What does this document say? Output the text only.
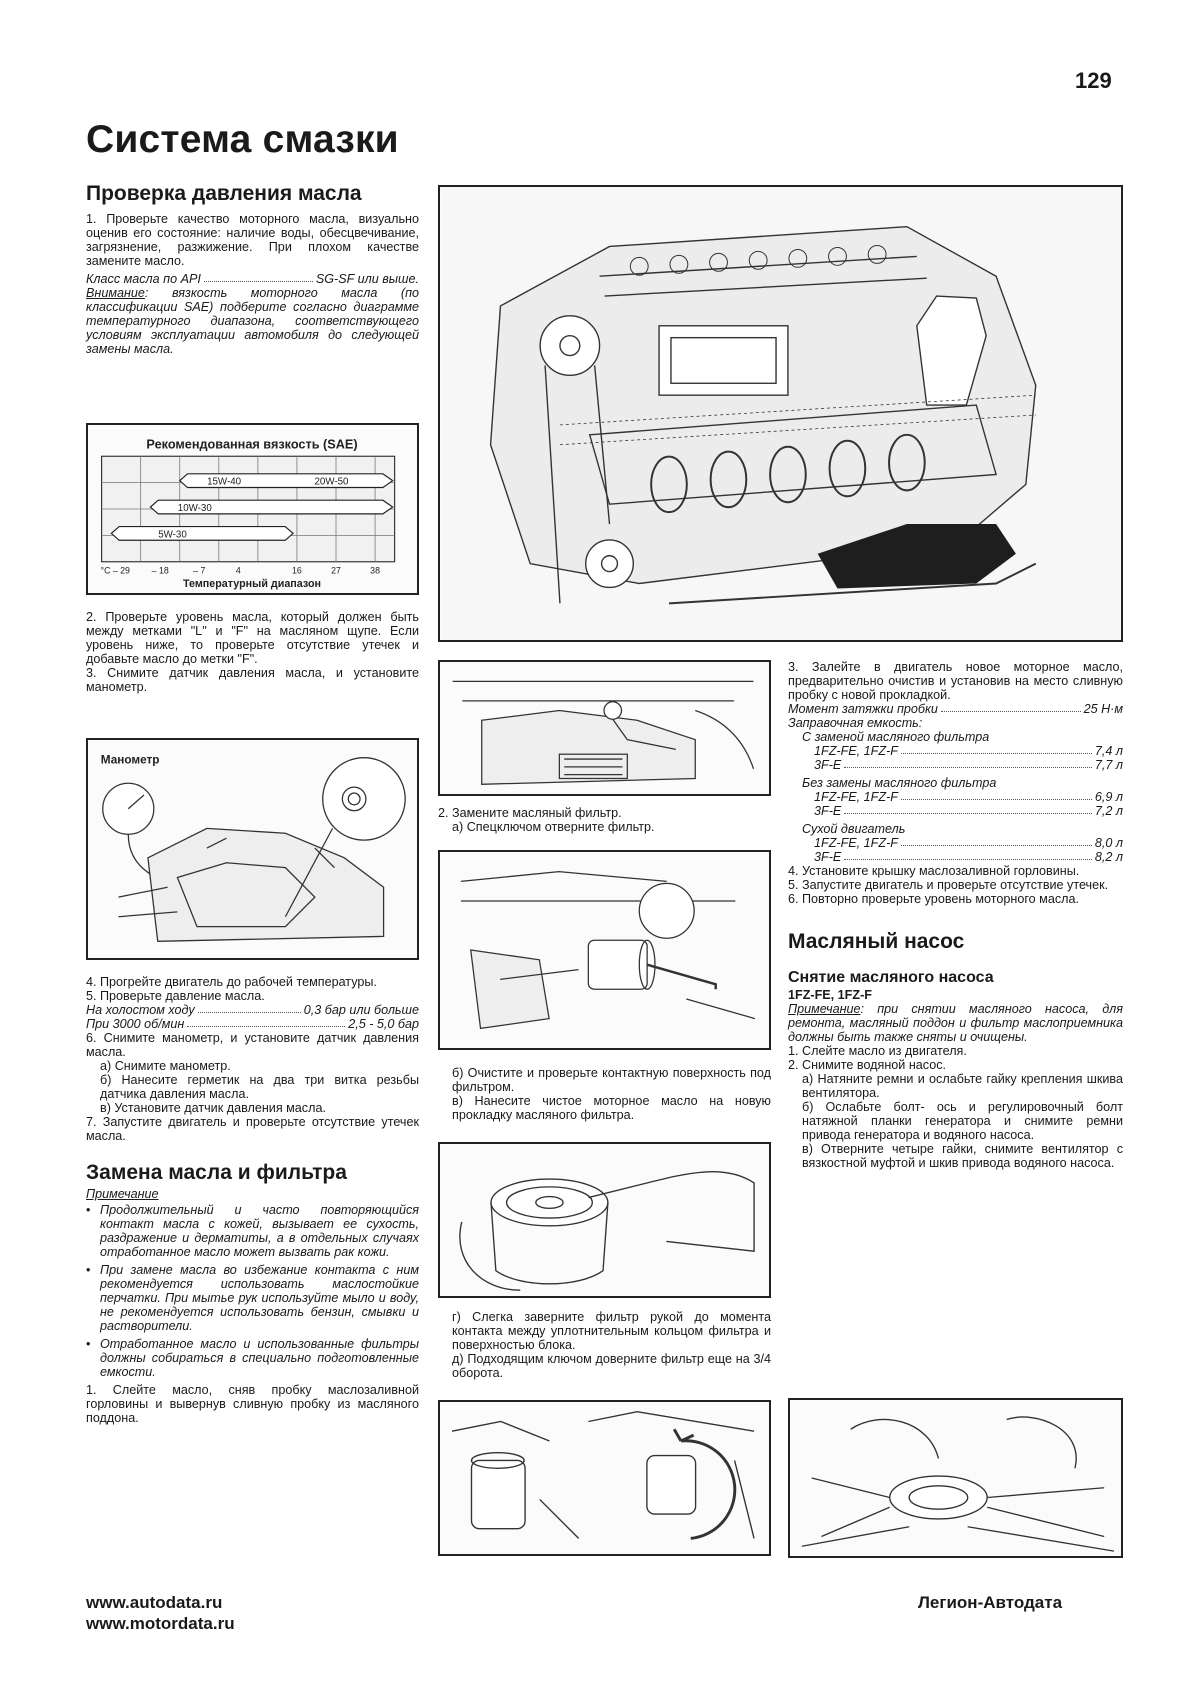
129
Система смазки
Проверка давления масла

1. Проверьте качество моторного масла, визуально оценив его состояние: наличие воды, обесцвечивание, загрязнение, разжижение. При плохом качестве замените масло.

Класс масла по API	SG-SF или выше.

Внимание: вязкость моторного масла (по классификации SAE) подберите согласно диаграмме температурного диапазона, соответствующего условиям эксплуатации автомобиля до следующей замены масла.

Рекомендованная вязкость (SAE)
15W-40	20W-50
10W-30
5W-30
°C – 29 – 18	– 7	4	16	27	38
Температурный диапазон

2. Проверьте уровень масла, который должен быть между метками "L" и "F" на масляном щупе. Если уровень ниже, то проверьте отсутствие утечек и добавьте масло до метки "F".

3. Снимите датчик давления масла, и установите манометр.

Манометр

4. Прогрейте двигатель до рабочей температуры.

5. Проверьте давление масла.

На холостом ходу	0,3 бар или больше
При 3000 об/мин	2,5 - 5,0 бар

6. Снимите манометр, и установите датчик давления масла.

а) Снимите манометр.

б) Нанесите герметик на два три витка резьбы датчика давления масла.

в) Установите датчик давления масла.

7. Запустите двигатель и проверьте отсутствие утечек масла.

Замена масла и фильтра

Примечание

• Продолжительный и часто повторяющийся контакт масла с кожей, вызывает ее сухость, раздражение и дерматиты, а в отдельных случаях отработанное масло может вызвать рак кожи.
• При замене масла во избежание контакта с ним рекомендуется использовать маслостойкие перчатки. При мытье рук используйте мыло и воду, не рекомендуется использовать бензин, смывки и растворители.
• Отработанное масло и использованные фильтры должны собираться в специально подготовленные емкости.

1. Слейте масло, сняв пробку маслозаливной горловины и вывернув сливную пробку из масляного поддона.

2. Замените масляный фильтр.

а) Спецключом отверните фильтр.

б) Очистите и проверьте контактную поверхность под фильтром.

в) Нанесите чистое моторное масло на новую прокладку масляного фильтра.

г) Слегка заверните фильтр рукой до момента контакта между уплотнительным кольцом фильтра и поверхностью блока.

д) Подходящим ключом доверните фильтр еще на 3/4 оборота.

3. Залейте в двигатель новое моторное масло, предварительно очистив и установив на место сливную пробку с новой прокладкой.

Момент затяжки пробки	25 Н·м

Заправочная емкость:

С заменой масляного фильтра

1FZ-FE, 1FZ-F	7,4 л
3F-E	7,7 л

Без замены масляного фильтра

1FZ-FE, 1FZ-F	6,9 л
3F-E	7,2 л

Сухой двигатель

1FZ-FE, 1FZ-F	8,0 л
3F-E	8,2 л

4. Установите крышку маслозаливной горловины.

5. Запустите двигатель и проверьте отсутствие утечек.

6. Повторно проверьте уровень моторного масла.

Масляный насос
Снятие масляного насоса

1FZ-FE, 1FZ-F

Примечание: при снятии масляного насоса, для ремонта, масляный поддон и фильтр маслоприемника должны быть также сняты и очищены.

1. Слейте масло из двигателя.

2. Снимите водяной насос.

а) Натяните ремни и ослабьте гайку крепления шкива вентилятора.

б) Ослабьте болт- ось и регулировочный болт натяжной планки генератора и снимите ремни привода генератора и водяного насоса.

в) Отверните четыре гайки, снимите вентилятор с вязкостной муфтой и шкив привода водяного насоса.

www.autodata.ru
www.motordata.ru
Легион-Автодата
